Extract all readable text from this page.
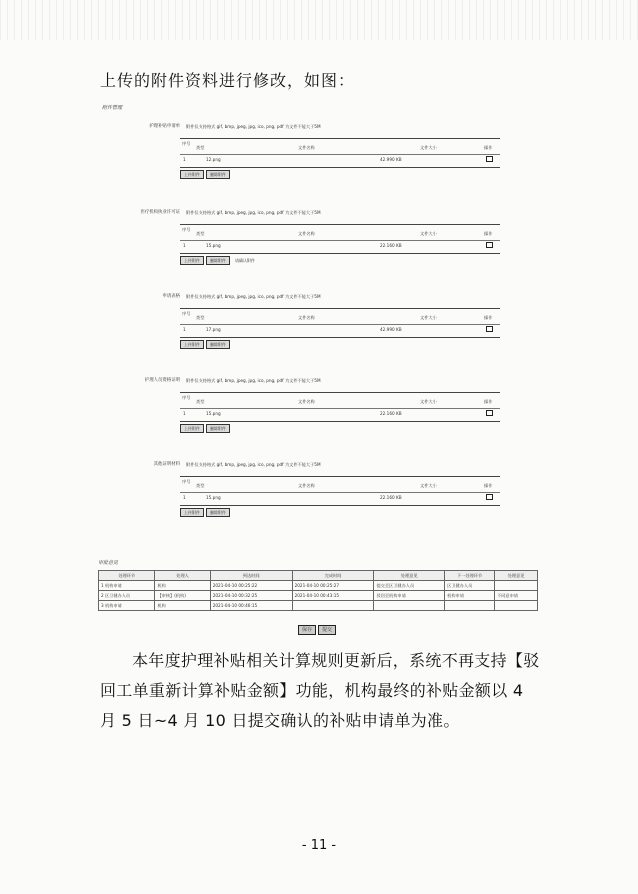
上传的附件资料进行修改，如图：
附件管理
护理补贴申请单 附件仅支持格式 gif, bmp, jpeg, jpg, ico, png, pdf 为文件不能大于5M
序号
类型	文件名称	文件大小	操作
1	12.png	42.990 KB
上传附件	删除附件
医疗机构执业许可证 附件仅支持格式 gif, bmp, jpeg, jpg, ico, png, pdf 为文件不能大于5M
序号
类型	文件名称	文件大小	操作
1	15.png	22.160 KB
上传附件	删除附件	请确认附件
申请表格 附件仅支持格式 gif, bmp, jpeg, jpg, ico, png, pdf 为文件不能大于5M
序号
类型	文件名称	文件大小	操作
1	17.png	42.990 KB
上传附件	删除附件
护理人员资格证明 附件仅支持格式 gif, bmp, jpeg, jpg, ico, png, pdf 为文件不能大于5M
序号
类型	文件名称	文件大小	操作
1	15.png	22.160 KB
上传附件	删除附件
其他证明材料 附件仅支持格式 gif, bmp, jpeg, jpg, ico, png, pdf 为文件不能大于5M
序号
类型	文件名称	文件大小	操作
1	15.png	22.160 KB
上传附件	删除附件
审批意见
处理环节	处理人	到达时间	完成时间	处理意见	下一处理环节	处理意见
1 机构申请	机构	2021-04-10 00:25:22	2021-04-10 00:25:27	提交至区卫健办人员	区卫健办人员	
2 区卫健办人员	【审核】(机构)	2021-04-10 00:32:25	2021-04-10 00:43:15	驳回至机构申请	机构申请	不同意申请
3 机构申请	机构	2021-04-10 00:46:15				
保存	提交
本年度护理补贴相关计算规则更新后，系统不再支持【驳回工单重新计算补贴金额】功能，机构最终的补贴金额以 4 月 5 日~4 月 10 日提交确认的补贴申请单为准。
- 11 -
